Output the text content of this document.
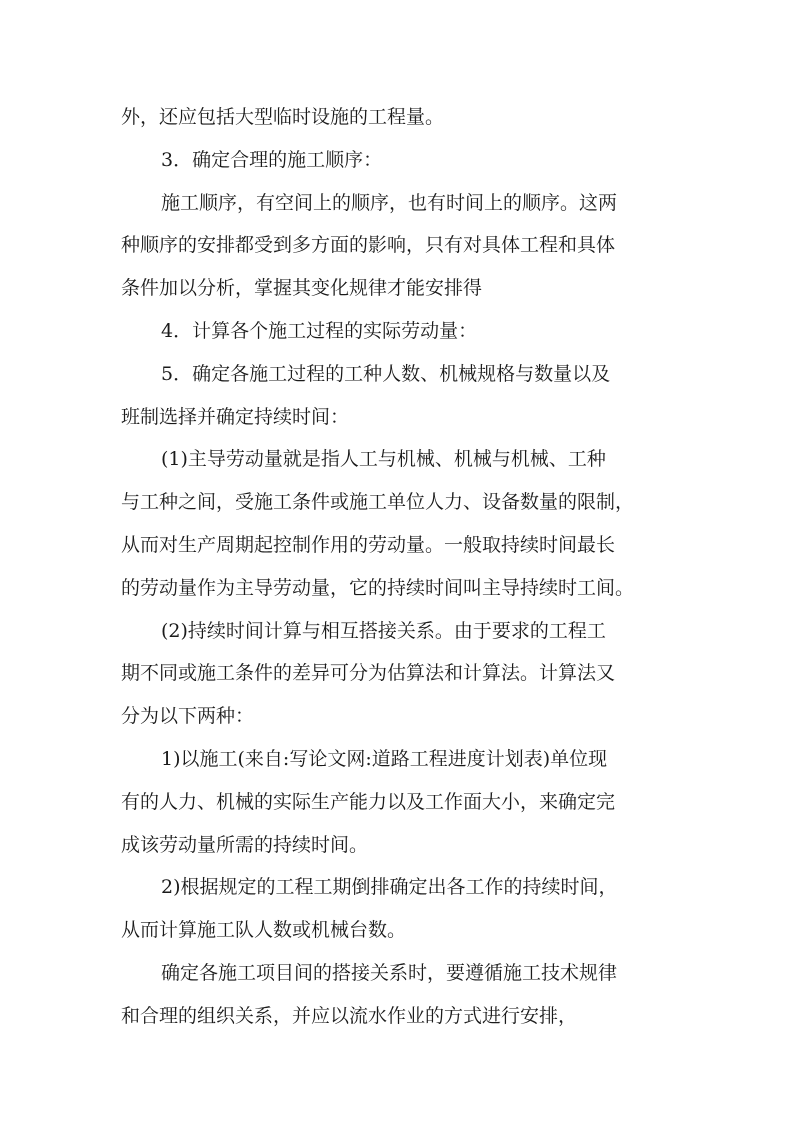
外，还应包括大型临时设施的工程量。

3．确定合理的施工顺序：

施工顺序，有空间上的顺序，也有时间上的顺序。这两

种顺序的安排都受到多方面的影响，只有对具体工程和具体

条件加以分析，掌握其变化规律才能安排得

4．计算各个施工过程的实际劳动量：

5．确定各施工过程的工种人数、机械规格与数量以及

班制选择并确定持续时间：

(1)主导劳动量就是指人工与机械、机械与机械、工种

与工种之间，受施工条件或施工单位人力、设备数量的限制，

从而对生产周期起控制作用的劳动量。一般取持续时间最长

的劳动量作为主导劳动量，它的持续时间叫主导持续时工间。

(2)持续时间计算与相互搭接关系。由于要求的工程工

期不同或施工条件的差异可分为估算法和计算法。计算法又

分为以下两种：

1)以施工(来自:写论文网:道路工程进度计划表)单位现

有的人力、机械的实际生产能力以及工作面大小，来确定完

成该劳动量所需的持续时间。

2)根据规定的工程工期倒排确定出各工作的持续时间，

从而计算施工队人数或机械台数。

确定各施工项目间的搭接关系时，要遵循施工技术规律

和合理的组织关系，并应以流水作业的方式进行安排，
